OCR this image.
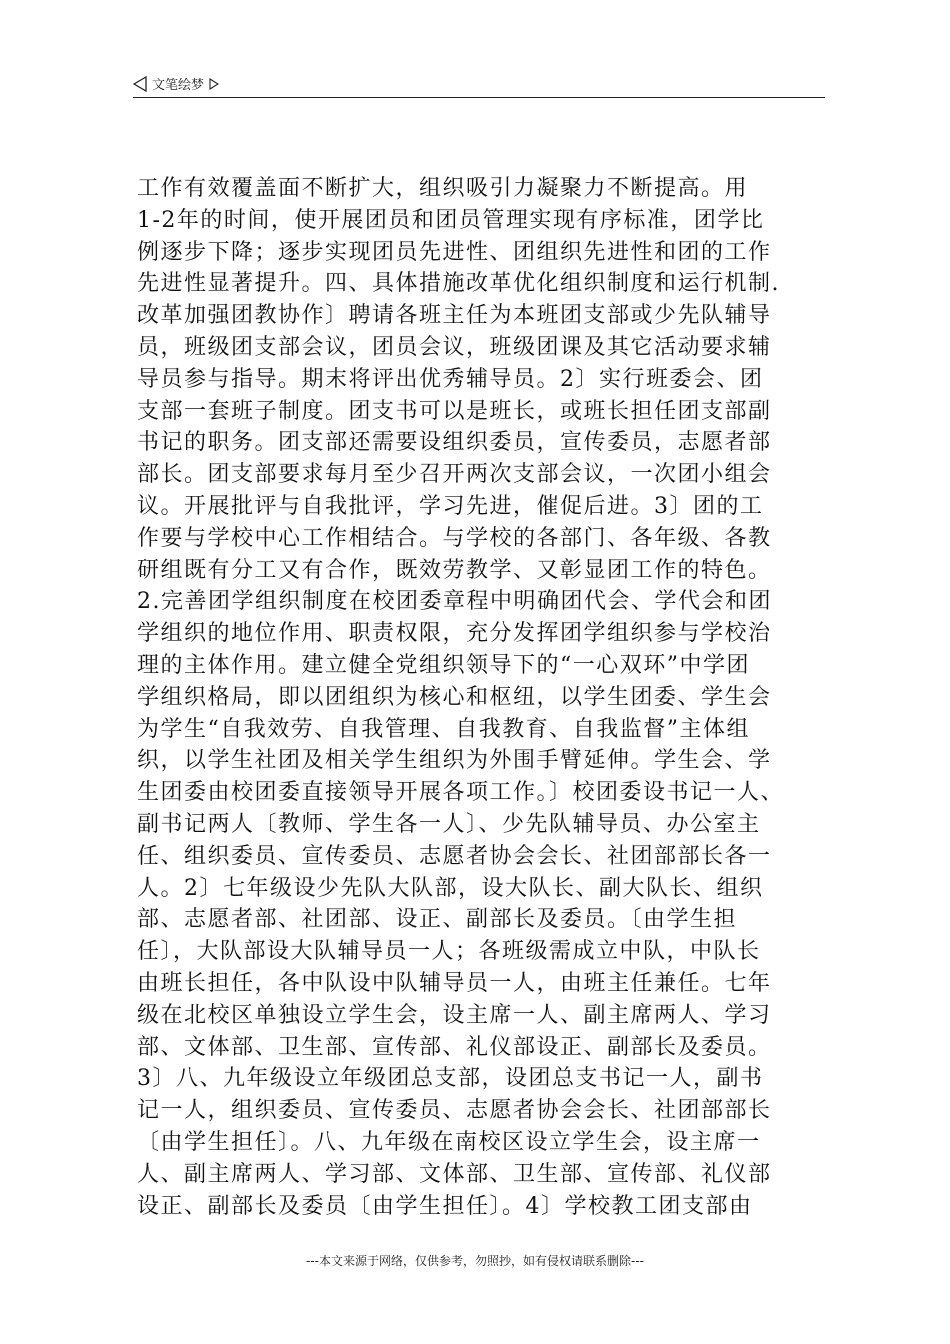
文笔绘梦
工作有效覆盖面不断扩大，组织吸引力凝聚力不断提高。用
1-2年的时间，使开展团员和团员管理实现有序标准，团学比
例逐步下降；逐步实现团员先进性、团组织先进性和团的工作
先进性显著提升。四、具体措施改革优化组织制度和运行机制.
改革加强团教协作〕聘请各班主任为本班团支部或少先队辅导
员，班级团支部会议，团员会议，班级团课及其它活动要求辅
导员参与指导。期末将评出优秀辅导员。2〕实行班委会、团
支部一套班子制度。团支书可以是班长，或班长担任团支部副
书记的职务。团支部还需要设组织委员，宣传委员，志愿者部
部长。团支部要求每月至少召开两次支部会议，一次团小组会
议。开展批评与自我批评，学习先进，催促后进。3〕团的工
作要与学校中心工作相结合。与学校的各部门、各年级、各教
研组既有分工又有合作，既效劳教学、又彰显团工作的特色。
2.完善团学组织制度在校团委章程中明确团代会、学代会和团
学组织的地位作用、职责权限，充分发挥团学组织参与学校治
理的主体作用。建立健全党组织领导下的“一心双环”中学团
学组织格局，即以团组织为核心和枢纽，以学生团委、学生会
为学生“自我效劳、自我管理、自我教育、自我监督”主体组
织，以学生社团及相关学生组织为外围手臂延伸。学生会、学
生团委由校团委直接领导开展各项工作。〕校团委设书记一人、
副书记两人〔教师、学生各一人〕、少先队辅导员、办公室主
任、组织委员、宣传委员、志愿者协会会长、社团部部长各一
人。2〕七年级设少先队大队部，设大队长、副大队长、组织
部、志愿者部、社团部、设正、副部长及委员。〔由学生担
任〕，大队部设大队辅导员一人；各班级需成立中队，中队长
由班长担任，各中队设中队辅导员一人，由班主任兼任。七年
级在北校区单独设立学生会，设主席一人、副主席两人、学习
部、文体部、卫生部、宣传部、礼仪部设正、副部长及委员。
3〕八、九年级设立年级团总支部，设团总支书记一人，副书
记一人，组织委员、宣传委员、志愿者协会会长、社团部部长
〔由学生担任〕。八、九年级在南校区设立学生会，设主席一
人、副主席两人、学习部、文体部、卫生部、宣传部、礼仪部
设正、副部长及委员〔由学生担任〕。4〕学校教工团支部由
---本文来源于网络，仅供参考，勿照抄，如有侵权请联系删除---
